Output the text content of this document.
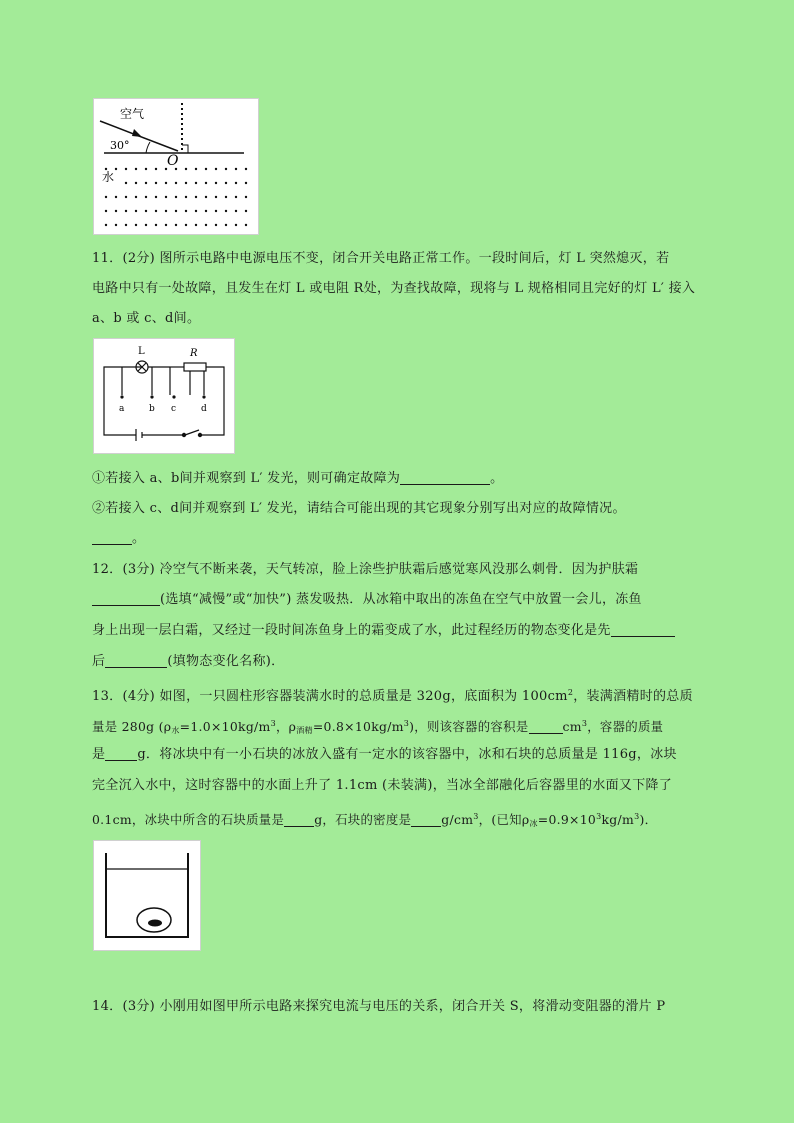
空气
30°
O
水

11．(2分) 图所示电路中电源电压不变，闭合开关电路正常工作。一段时间后，灯 L 突然熄灭，若

电路中只有一处故障，且发生在灯 L 或电阻 R处，为查找故障，现将与 L 规格相同且完好的灯 L′ 接入

a、b 或 c、d间。

L	R
a	b c	d

①若接入 a、b间并观察到 L′ 发光，则可确定故障为	。

②若接入 c、d间并观察到 L′ 发光，请结合可能出现的其它现象分别写出对应的故障情况。

。

12．(3分) 冷空气不断来袭，天气转凉，脸上涂些护肤霜后感觉寒风没那么刺骨．因为护肤霜

(选填“减慢”或“加快”) 蒸发吸热．从冰箱中取出的冻鱼在空气中放置一会儿，冻鱼

身上出现一层白霜，又经过一段时间冻鱼身上的霜变成了水，此过程经历的物态变化是先

后	(填物态变化名称)．

13．(4分) 如图，一只圆柱形容器装满水时的总质量是 320g，底面积为 $100cm^2$，装满酒精时的总质

量是 280g ($\rho_水=1.0\times 10kg/m^3$，$\rho_{酒精}=0.8\times 10kg/m^3$)，则该容器的容积是	$cm^3$，容器的质量

是 g．将冰块中有一小石块的冰放入盛有一定水的该容器中，冰和石块的总质量是 116g，冰块

完全沉入水中，这时容器中的水面上升了 1.1cm (未装满)，当冰全部融化后容器里的水面又下降了

0.1cm，冰块中所含的石块质量是 g，石块的密度是 $g/cm^3$，(已知$\rho_冰=0.9\times 10^3kg/m^3$)．

14．(3分) 小刚用如图甲所示电路来探究电流与电压的关系，闭合开关 S，将滑动变阻器的滑片 P
